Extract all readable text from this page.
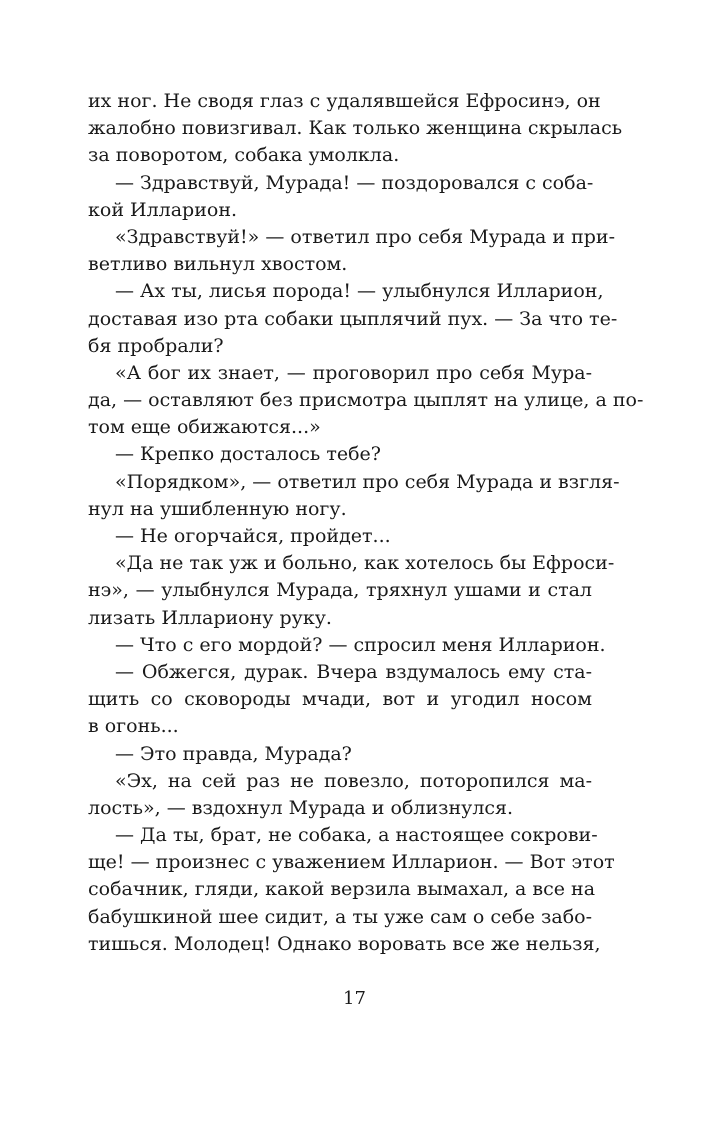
их ног. Не сводя глаз с удалявшейся Ефросинэ, он
жалобно повизгивал. Как только женщина скрылась
за поворотом, собака умолкла.
— Здравствуй, Мурада! — поздоровался с соба-
кой Илларион.
«Здравствуй!» — ответил про себя Мурада и при-
ветливо вильнул хвостом.
— Ах ты, лисья порода! — улыбнулся Илларион,
доставая изо рта собаки цыплячий пух. — За что те-
бя пробрали?
«А бог их знает, — проговорил про себя Мура-
да, — оставляют без присмотра цыплят на улице, а по-
том еще обижаются...»
— Крепко досталось тебе?
«Порядком», — ответил про себя Мурада и взгля-
нул на ушибленную ногу.
— Не огорчайся, пройдет...
«Да не так уж и больно, как хотелось бы Ефроси-
нэ», — улыбнулся Мурада, тряхнул ушами и стал
лизать Иллариону руку.
— Что с его мордой? — спросил меня Илларион.
— Обжегся, дурак. Вчера вздумалось ему ста-
щить со сковороды мчади, вот и угодил носом
в огонь...
— Это правда, Мурада?
«Эх, на сей раз не повезло, поторопился ма-
лость», — вздохнул Мурада и облизнулся.
— Да ты, брат, не собака, а настоящее сокрови-
ще! — произнес с уважением Илларион. — Вот этот
собачник, гляди, какой верзила вымахал, а все на
бабушкиной шее сидит, а ты уже сам о себе забо-
тишься. Молодец! Однако воровать все же нельзя,
17
